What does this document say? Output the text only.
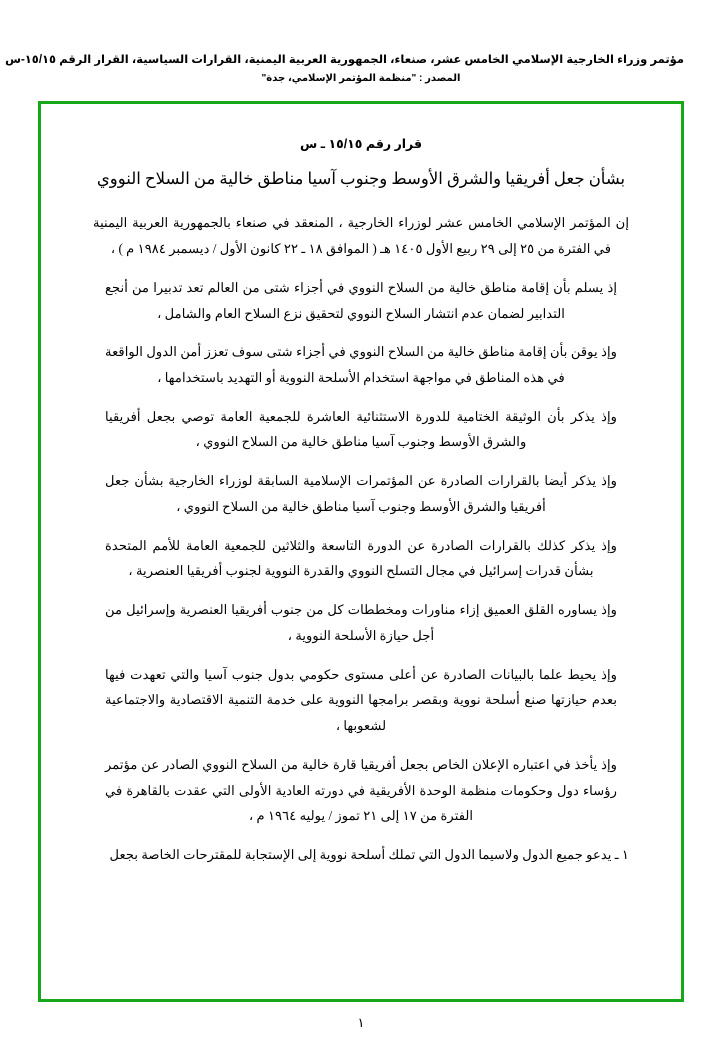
مؤتمر وزراء الخارجية الإسلامي الخامس عشر، صنعاء، الجمهورية العربية اليمنية، القرارات السياسية، القرار الرقم ١٥/١٥-س
المصدر : "منظمة المؤتمر الإسلامي، جدة"
قرار رقم ١٥/١٥ ـ س
بشأن جعل أفريقيا والشرق الأوسط وجنوب آسيا مناطق خالية من السلاح النووي

إن المؤتمر الإسلامي الخامس عشر لوزراء الخارجية ، المنعقد في صنعاء بالجمهورية العربية اليمنية في الفترة من ٢٥ إلى ٢٩ ربيع الأول ١٤٠٥ هـ ( الموافق ١٨ ـ ٢٢ كانون الأول / ديسمبر ١٩٨٤ م ) ،

إذ يسلم بأن إقامة مناطق خالية من السلاح النووي في أجزاء شتى من العالم تعد تدبيرا من أنجع التدابير لضمان عدم انتشار السلاح النووي لتحقيق نزع السلاح العام والشامل ،

وإذ يوقن بأن إقامة مناطق خالية من السلاح النووي في أجزاء شتى سوف تعزز أمن الدول الواقعة في هذه المناطق في مواجهة استخدام الأسلحة النووية أو التهديد باستخدامها ،

وإذ يذكر بأن الوثيقة الختامية للدورة الاستثنائية العاشرة للجمعية العامة توصي بجعل أفريقيا والشرق الأوسط وجنوب آسيا مناطق خالية من السلاح النووي ،

وإذ يذكر أيضا بالقرارات الصادرة عن المؤتمرات الإسلامية السابقة لوزراء الخارجية بشأن جعل أفريقيا والشرق الأوسط وجنوب آسيا مناطق خالية من السلاح النووي ،

وإذ يذكر كذلك بالقرارات الصادرة عن الدورة التاسعة والثلاثين للجمعية العامة للأمم المتحدة بشأن قدرات إسرائيل في مجال التسلح النووي والقدرة النووية لجنوب أفريقيا العنصرية ،

وإذ يساوره القلق العميق إزاء مناورات ومخططات كل من جنوب أفريقيا العنصرية وإسرائيل من أجل حيازة الأسلحة النووية ،

وإذ يحيط علما بالبيانات الصادرة عن أعلى مستوى حكومي بدول جنوب آسيا والتي تعهدت فيها بعدم حيازتها صنع أسلحة نووية وبقصر برامجها النووية على خدمة التنمية الاقتصادية والاجتماعية لشعوبها ،

وإذ يأخذ في اعتباره الإعلان الخاص بجعل أفريقيا قارة خالية من السلاح النووي الصادر عن مؤتمر رؤساء دول وحكومات منظمة الوحدة الأفريقية في دورته العادية الأولى التي عقدت بالقاهرة في الفترة من ١٧ إلى ٢١ تموز / يوليه ١٩٦٤ م ،

١ ـ يدعو جميع الدول ولاسيما الدول التي تملك أسلحة نووية إلى الإستجابة للمقترحات الخاصة بجعل

١
